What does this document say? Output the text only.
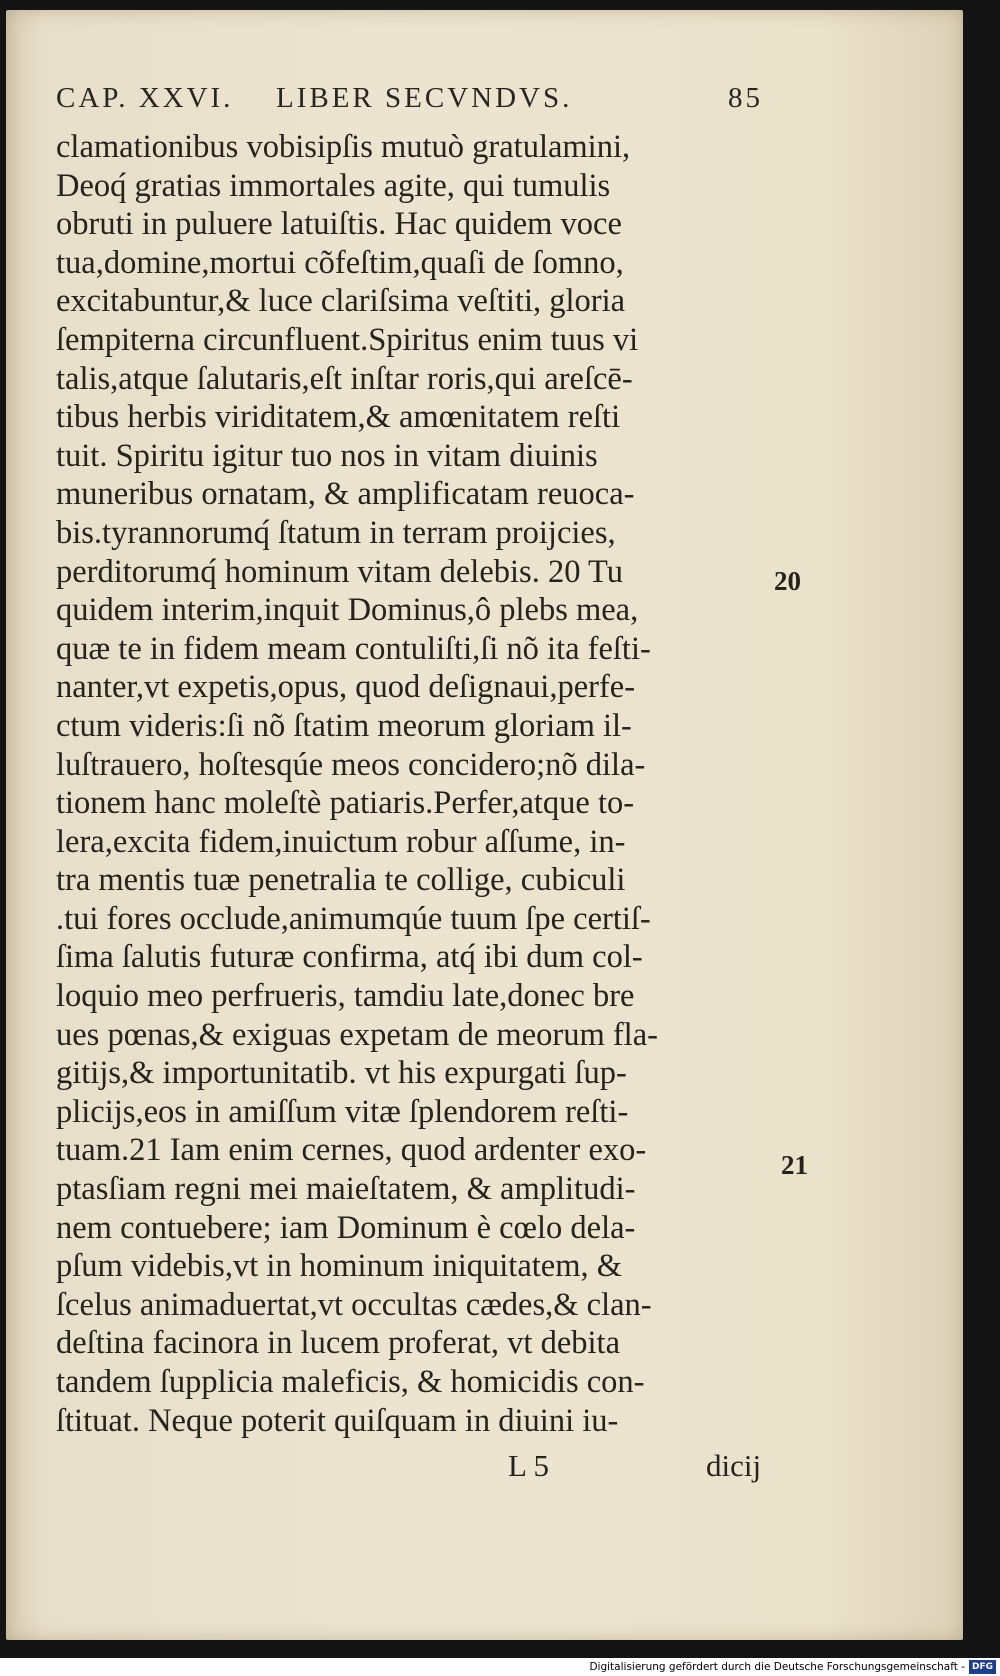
CAP. XXVI. LIBER SECVNDVS.	85
clamationibus vobisipſis mutuò gratulamini,
Deoq́ gratias immortales agite, qui tumulis
obruti in puluere latuiſtis. Hac quidem voce
tua,domine,mortui cõfeſtim,quaſi de ſomno,
excitabuntur,& luce clariſsima veſtiti, gloria
ſempiterna circunfluent.Spiritus enim tuus vi
talis,atque ſalutaris,eſt inſtar roris,qui areſcē-
tibus herbis viriditatem,& amœnitatem reſti
tuit. Spiritu igitur tuo nos in vitam diuinis
muneribus ornatam, & amplificatam reuoca-
bis.tyrannorumq́ ſtatum in terram proijcies,
perditorumq́ hominum vitam delebis. 20 Tu
quidem interim,inquit Dominus,ô plebs mea,
quæ te in fidem meam contuliſti,ſi nõ ita feſti-
nanter,vt expetis,opus, quod deſignaui,perfe-
ctum videris:ſi nõ ſtatim meorum gloriam il-
luſtrauero, hoſtesqúe meos concidero;nõ dila-
tionem hanc moleſtè patiaris.Perfer,atque to-
lera,excita fidem,inuictum robur aſſume, in-
tra mentis tuæ penetralia te collige, cubiculi
.tui fores occlude,animumqúe tuum ſpe certiſ-
ſima ſalutis futuræ confirma, atq́ ibi dum col-
loquio meo perfrueris, tamdiu late,donec bre
ues pœnas,& exiguas expetam de meorum fla-
gitijs,& importunitatib. vt his expurgati ſup-
plicijs,eos in amiſſum vitæ ſplendorem reſti-
tuam.21 Iam enim cernes, quod ardenter exo-
ptasſiam regni mei maieſtatem, & amplitudi-
nem contuebere; iam Dominum è cœlo dela-
pſum videbis,vt in hominum iniquitatem, &
ſcelus animaduertat,vt occultas cædes,& clan-
deſtina facinora in lucem proferat, vt debita
tandem ſupplicia maleficis, & homicidis con-
ſtituat. Neque poterit quiſquam in diuini iu-
20
21
L 5	dicij
Digitalisierung gefördert durch die Deutsche Forschungsgemeinschaft - DFG
